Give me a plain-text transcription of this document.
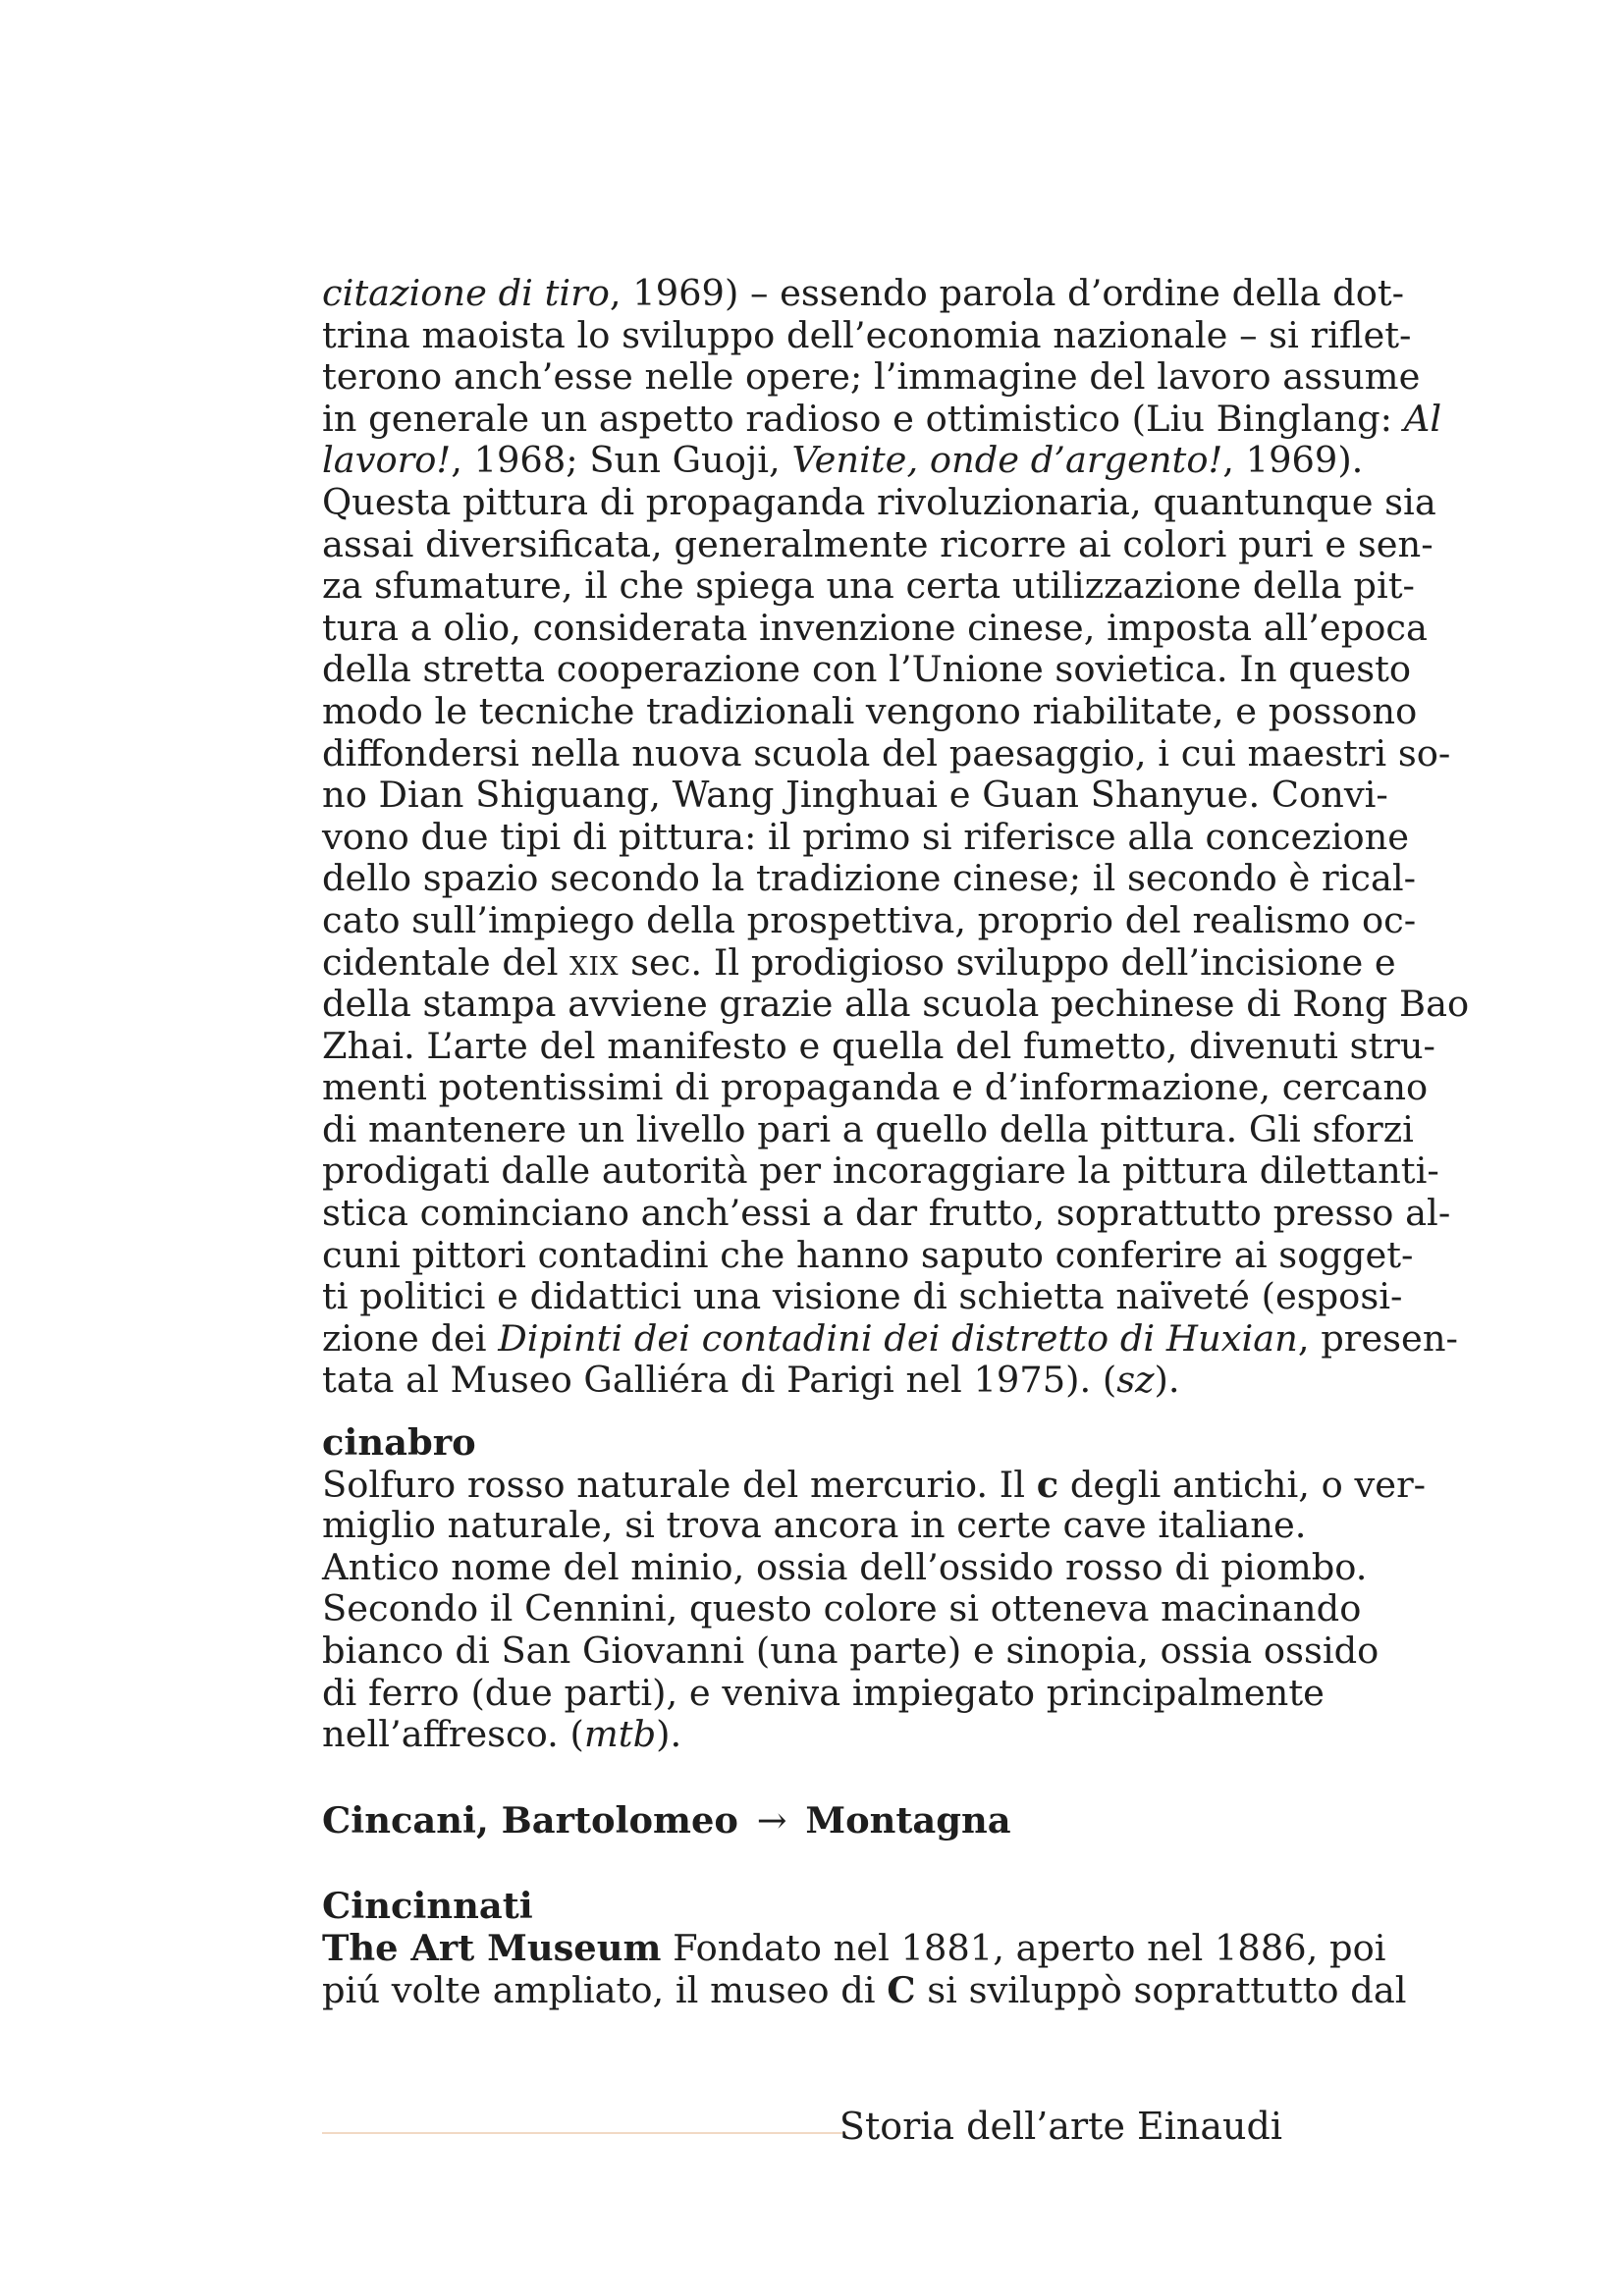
citazione di tiro, 1969) – essendo parola d’ordine della dot-
trina maoista lo sviluppo dell’economia nazionale – si riflet-
terono anch’esse nelle opere; l’immagine del lavoro assume
in generale un aspetto radioso e ottimistico (Liu Binglang: Al
lavoro!, 1968; Sun Guoji, Venite, onde d’argento!, 1969).
Questa pittura di propaganda rivoluzionaria, quantunque sia
assai diversificata, generalmente ricorre ai colori puri e sen-
za sfumature, il che spiega una certa utilizzazione della pit-
tura a olio, considerata invenzione cinese, imposta all’epoca
della stretta cooperazione con l’Unione sovietica. In questo
modo le tecniche tradizionali vengono riabilitate, e possono
diffondersi nella nuova scuola del paesaggio, i cui maestri so-
no Dian Shiguang, Wang Jinghuai e Guan Shanyue. Convi-
vono due tipi di pittura: il primo si riferisce alla concezione
dello spazio secondo la tradizione cinese; il secondo è rical-
cato sull’impiego della prospettiva, proprio del realismo oc-
cidentale del xix sec. Il prodigioso sviluppo dell’incisione e
della stampa avviene grazie alla scuola pechinese di Rong Bao
Zhai. L’arte del manifesto e quella del fumetto, divenuti stru-
menti potentissimi di propaganda e d’informazione, cercano
di mantenere un livello pari a quello della pittura. Gli sforzi
prodigati dalle autorità per incoraggiare la pittura dilettanti-
stica cominciano anch’essi a dar frutto, soprattutto presso al-
cuni pittori contadini che hanno saputo conferire ai sogget-
ti politici e didattici una visione di schietta naïveté (esposi-
zione dei Dipinti dei contadini dei distretto di Huxian, presen-
tata al Museo Galliéra di Parigi nel 1975). (sz).
cinabro
Solfuro rosso naturale del mercurio. Il c degli antichi, o ver-
miglio naturale, si trova ancora in certe cave italiane.
Antico nome del minio, ossia dell’ossido rosso di piombo.
Secondo il Cennini, questo colore si otteneva macinando
bianco di San Giovanni (una parte) e sinopia, ossia ossido
di ferro (due parti), e veniva impiegato principalmente
nell’affresco. (mtb).
Cincani, Bartolomeo → Montagna
Cincinnati
The Art Museum Fondato nel 1881, aperto nel 1886, poi
piú volte ampliato, il museo di C si sviluppò soprattutto dal
Storia dell’arte Einaudi
